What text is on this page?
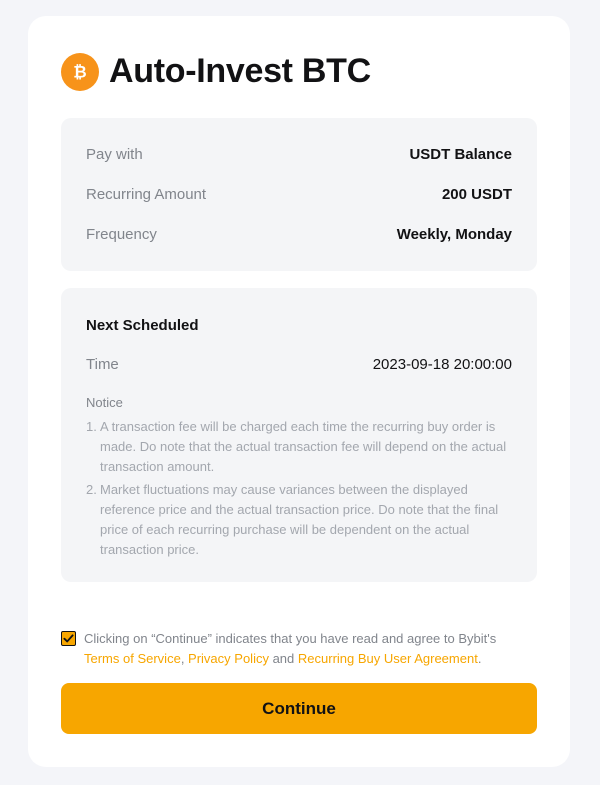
₿ Auto-Invest BTC
Pay with	USDT Balance
Recurring Amount	200 USDT
Frequency	Weekly, Monday
Next Scheduled
Time	2023-09-18 20:00:00
Notice
1. A transaction fee will be charged each time the recurring buy order is made. Do note that the actual transaction fee will depend on the actual transaction amount.
2. Market fluctuations may cause variances between the displayed reference price and the actual transaction price. Do note that the final price of each recurring purchase will be dependent on the actual transaction price.

Clicking on “Continue” indicates that you have read and agree to Bybit's Terms of Service, Privacy Policy and Recurring Buy User Agreement.

Continue
